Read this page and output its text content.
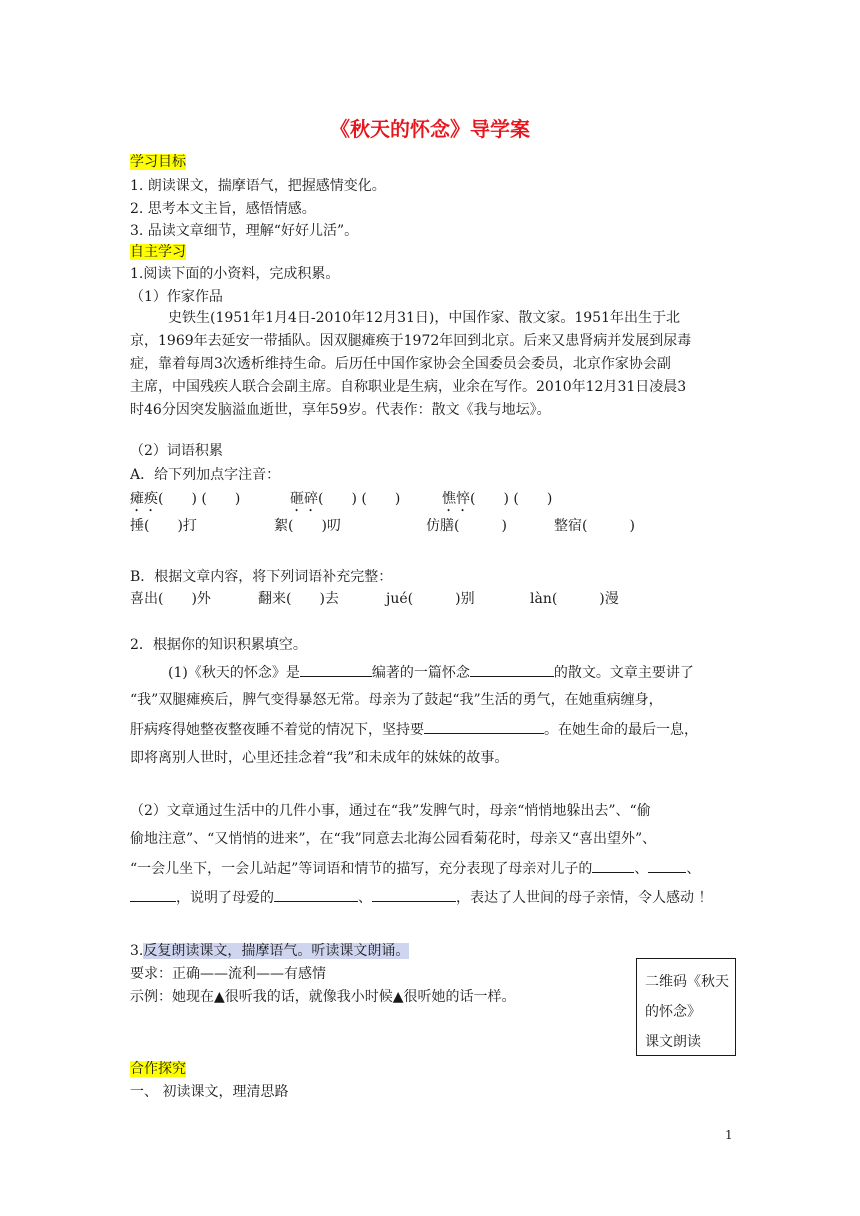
《秋天的怀念》导学案
学习目标
1. 朗读课文，揣摩语气，把握感情变化。
2. 思考本文主旨，感悟情感。
3. 品读文章细节，理解“好好儿活”。
自主学习
1.阅读下面的小资料，完成积累。
（1）作家作品
史铁生(1951年1月4日-2010年12月31日)，中国作家、散文家。1951年出生于北
京，1969年去延安一带插队。因双腿瘫痪于1972年回到北京。后来又患肾病并发展到尿毒
症，靠着每周3次透析维持生命。后历任中国作家协会全国委员会委员，北京作家协会副
主席，中国残疾人联合会副主席。自称职业是生病，业余在写作。2010年12月31日凌晨3
时46分因突发脑溢血逝世，享年59岁。代表作：散文《我与地坛》。
（2）词语积累
A．给下列加点字注音：
瘫痪(　　) (　　)	砸碎(　　) (　　)	憔悴(　　) (　　)
捶(　　)打	絮(　　)叨	仿膳(　　　)	整宿(　　　)
B．根据文章内容，将下列词语补充完整：
喜出(　　)外	翻来(　　)去	jué(　　　)别	làn(　　　)漫
2．根据你的知识积累填空。
(1)《秋天的怀念》是	编著的一篇怀念	的散文。文章主要讲了
“我”双腿瘫痪后，脾气变得暴怒无常。母亲为了鼓起“我”生活的勇气，在她重病缠身，
肝病疼得她整夜整夜睡不着觉的情况下，坚持要	。在她生命的最后一息，
即将离别人世时，心里还挂念着“我”和未成年的妹妹的故事。
（2）文章通过生活中的几件小事，通过在“我”发脾气时，母亲“悄悄地躲出去”、“偷
偷地注意”、“又悄悄的进来”，在“我”同意去北海公园看菊花时，母亲又“喜出望外”、
“一会儿坐下，一会儿站起”等词语和情节的描写，充分表现了母亲对儿子的	、	、
，说明了母爱的	、	，表达了人世间的母子亲情，令人感动 ！
3.反复朗读课文，揣摩语气。听读课文朗诵。
要求：正确——流利——有感情
示例：她现在▲很听我的话，就像我小时候▲很听她的话一样。
二维码《秋天
的怀念》
课文朗读
合作探究
一、 初读课文，理清思路
1
